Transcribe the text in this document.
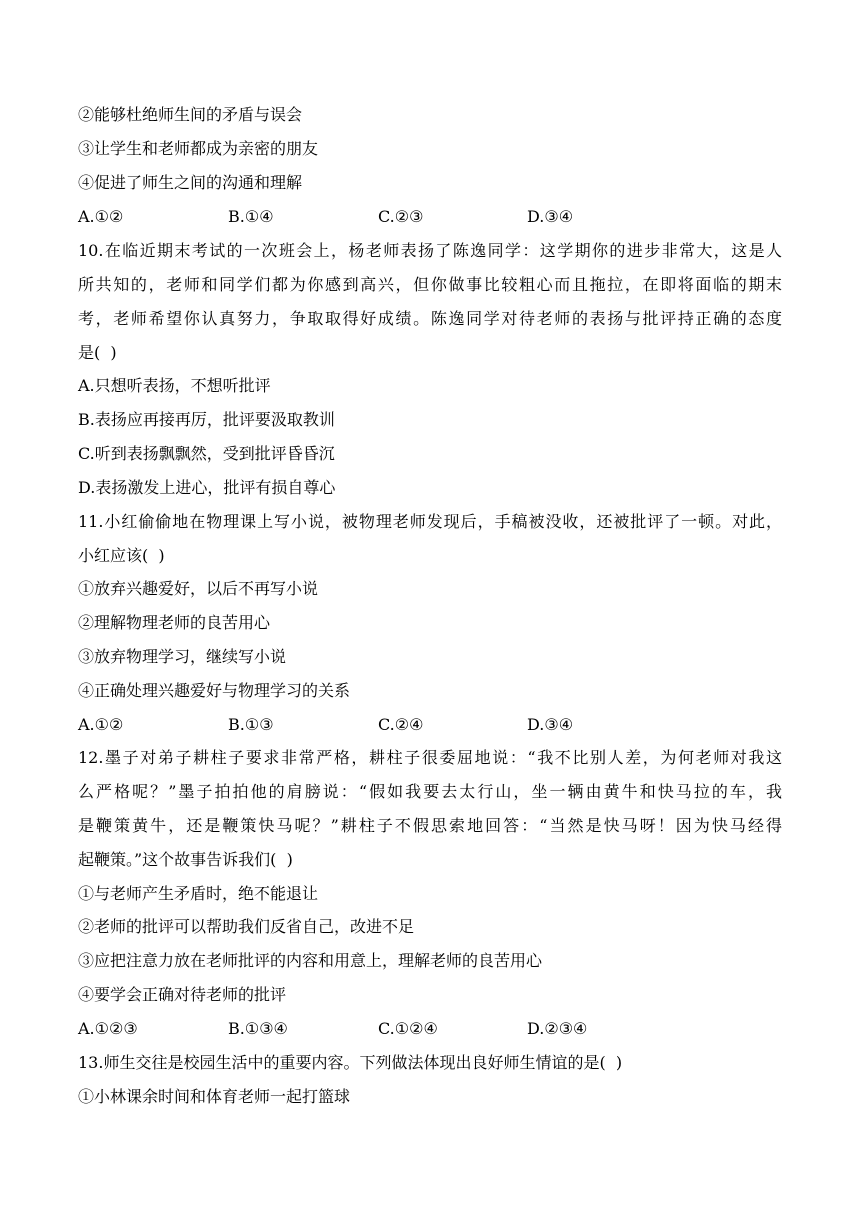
②能够杜绝师生间的矛盾与误会
③让学生和老师都成为亲密的朋友
④促进了师生之间的沟通和理解
A.①②	B.①④	C.②③	D.③④
10.在临近期末考试的一次班会上，杨老师表扬了陈逸同学：这学期你的进步非常大，这是人
所共知的，老师和同学们都为你感到高兴，但你做事比较粗心而且拖拉，在即将面临的期末
考，老师希望你认真努力，争取取得好成绩。陈逸同学对待老师的表扬与批评持正确的态度
是(  )
A.只想听表扬，不想听批评
B.表扬应再接再厉，批评要汲取教训
C.听到表扬飘飘然，受到批评昏昏沉
D.表扬激发上进心，批评有损自尊心
11.小红偷偷地在物理课上写小说，被物理老师发现后，手稿被没收，还被批评了一顿。对此，
小红应该(  )
①放弃兴趣爱好，以后不再写小说
②理解物理老师的良苦用心
③放弃物理学习，继续写小说
④正确处理兴趣爱好与物理学习的关系
A.①②	B.①③	C.②④	D.③④
12.墨子对弟子耕柱子要求非常严格，耕柱子很委屈地说：“我不比别人差，为何老师对我这
么严格呢？”墨子拍拍他的肩膀说：“假如我要去太行山，坐一辆由黄牛和快马拉的车，我
是鞭策黄牛，还是鞭策快马呢？”耕柱子不假思索地回答：“当然是快马呀！因为快马经得
起鞭策。”这个故事告诉我们(  )
①与老师产生矛盾时，绝不能退让
②老师的批评可以帮助我们反省自己，改进不足
③应把注意力放在老师批评的内容和用意上，理解老师的良苦用心
④要学会正确对待老师的批评
A.①②③	B.①③④	C.①②④	D.②③④
13.师生交往是校园生活中的重要内容。下列做法体现出良好师生情谊的是(  )
①小林课余时间和体育老师一起打篮球
